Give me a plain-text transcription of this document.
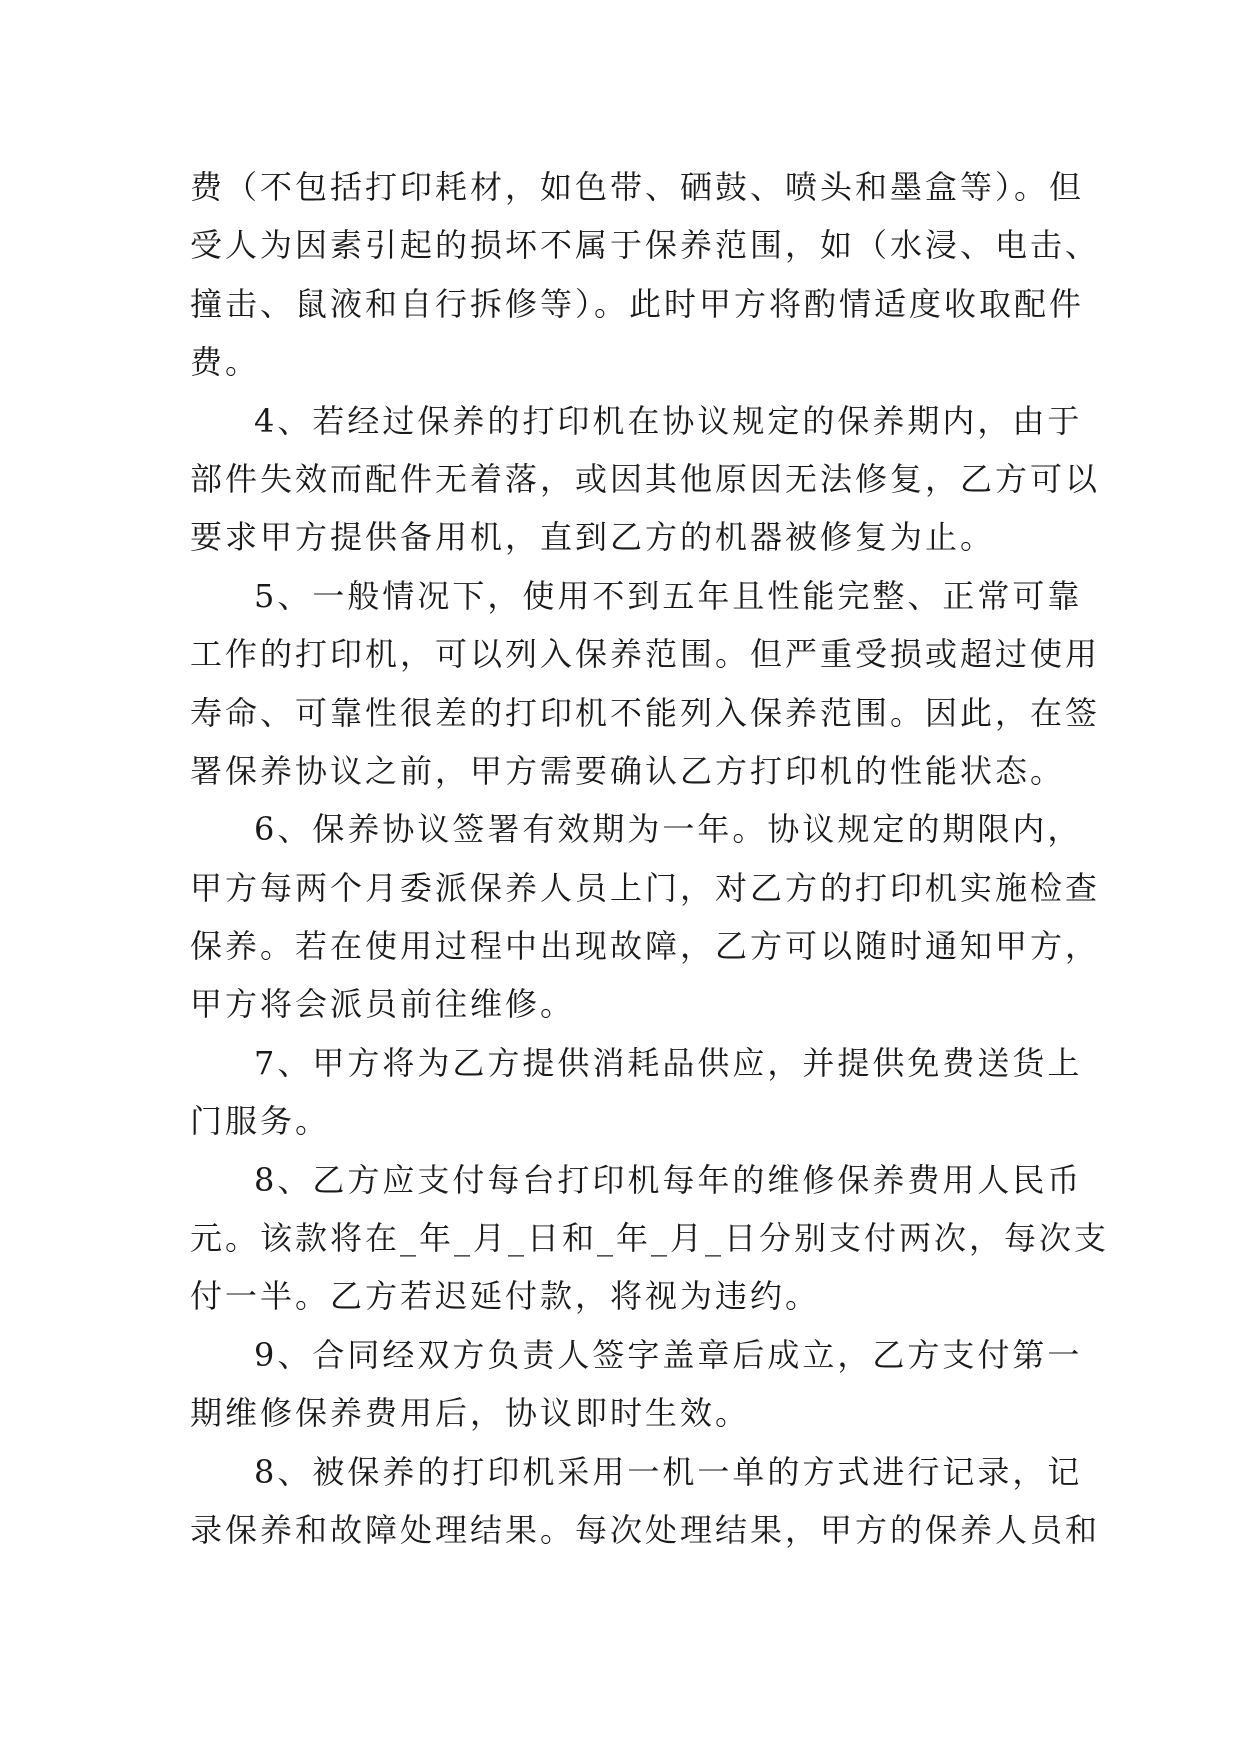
费（不包括打印耗材，如色带、硒鼓、喷头和墨盒等）。但
受人为因素引起的损坏不属于保养范围，如（水浸、电击、
撞击、鼠液和自行拆修等）。此时甲方将酌情适度收取配件
费。
4、若经过保养的打印机在协议规定的保养期内，由于
部件失效而配件无着落，或因其他原因无法修复，乙方可以
要求甲方提供备用机，直到乙方的机器被修复为止。
5、一般情况下，使用不到五年且性能完整、正常可靠
工作的打印机，可以列入保养范围。但严重受损或超过使用
寿命、可靠性很差的打印机不能列入保养范围。因此，在签
署保养协议之前，甲方需要确认乙方打印机的性能状态。
6、保养协议签署有效期为一年。协议规定的期限内，
甲方每两个月委派保养人员上门，对乙方的打印机实施检查
保养。若在使用过程中出现故障，乙方可以随时通知甲方，
甲方将会派员前往维修。
7、甲方将为乙方提供消耗品供应，并提供免费送货上
门服务。
8、乙方应支付每台打印机每年的维修保养费用人民币
元。该款将在_年_月_日和_年_月_日分别支付两次，每次支
付一半。乙方若迟延付款，将视为违约。
9、合同经双方负责人签字盖章后成立，乙方支付第一
期维修保养费用后，协议即时生效。
8、被保养的打印机采用一机一单的方式进行记录，记
录保养和故障处理结果。每次处理结果，甲方的保养人员和
